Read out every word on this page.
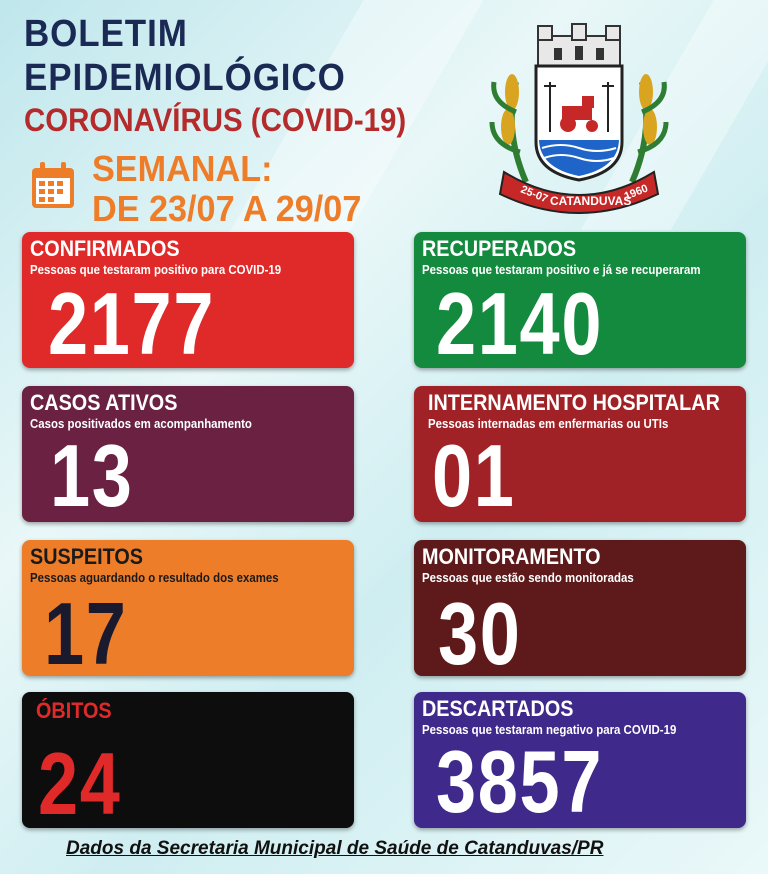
BOLETIM
EPIDEMIOLÓGICO
CORONAVÍRUS (COVID-19)
SEMANAL:
DE 23/07 A 29/07	25-07 CATANDUVAS
1960
CONFIRMADOS
Pessoas que testaram positivo para COVID-19
2177
RECUPERADOS
Pessoas que testaram positivo e já se recuperaram
2140
CASOS ATIVOS
Casos positivados em acompanhamento
13
INTERNAMENTO HOSPITALAR
Pessoas internadas em enfermarias ou UTIs
01
SUSPEITOS
Pessoas aguardando o resultado dos exames
17
MONITORAMENTO
Pessoas que estão sendo monitoradas
30
ÓBITOS
24
DESCARTADOS
Pessoas que testaram negativo para COVID-19
3857
Dados da Secretaria Municipal de Saúde de Catanduvas/PR
